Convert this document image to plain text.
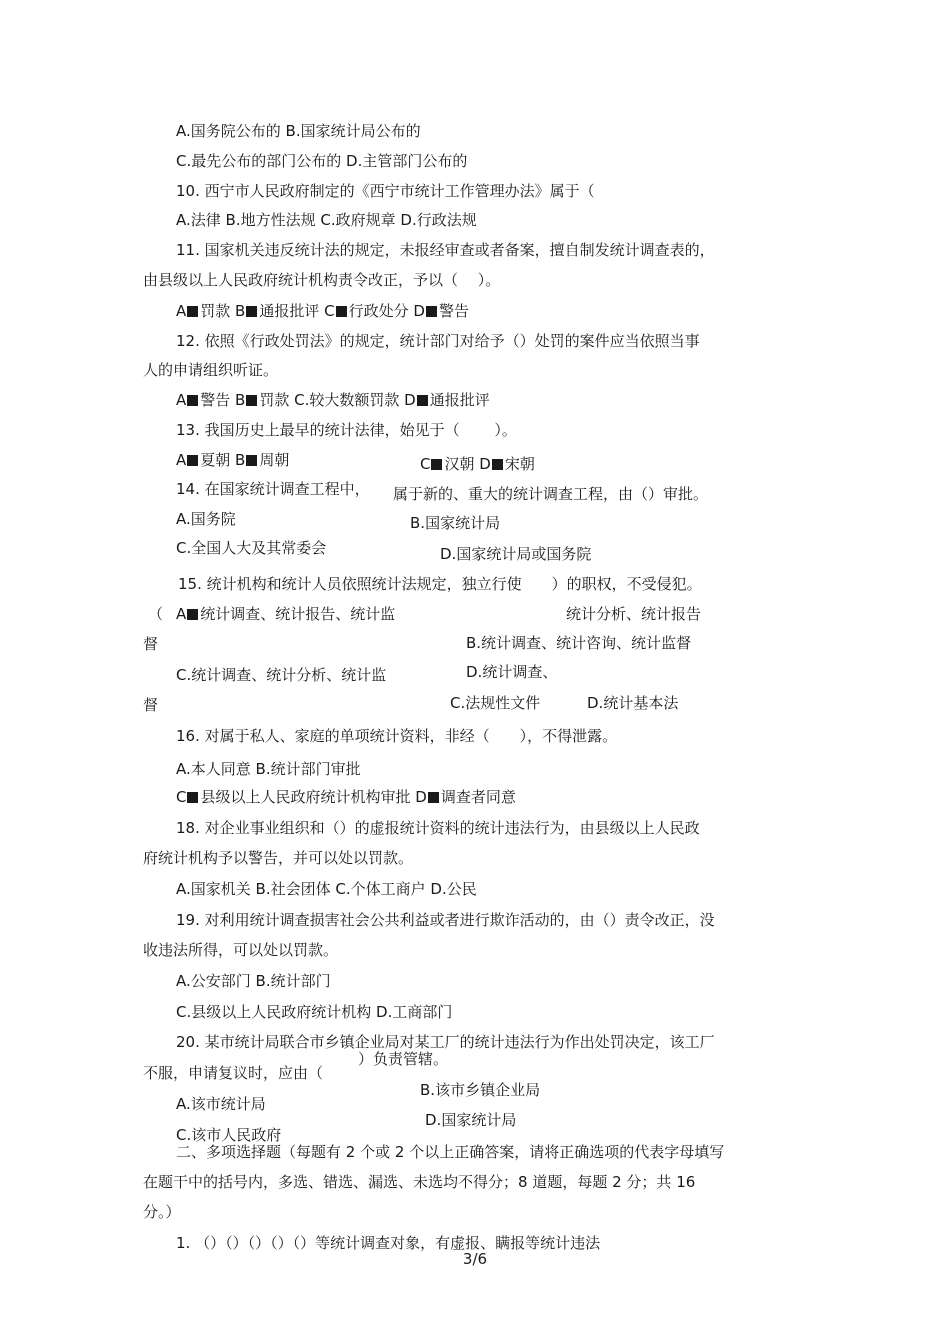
A.国务院公布的 B.国家统计局公布的
C.最先公布的部门公布的 D.主管部门公布的
10. 西宁市人民政府制定的《西宁市统计工作管理办法》属于（
A.法律 B.地方性法规 C.政府规章 D.行政法规
11. 国家机关违反统计法的规定，未报经审查或者备案，擅自制发统计调查表的，
由县级以上人民政府统计机构责令改正，予以（　 ）。
A 罚款 B 通报批评 C 行政处分 D 警告
12. 依照《行政处罚法》的规定，统计部门对给予（）处罚的案件应当依照当事
人的申请组织听证。
A 警告 B 罚款 C.较大数额罚款 D 通报批评
13. 我国历史上最早的统计法律，始见于（　　 ）。
A 夏朝 B 周朝	C 汉朝 D 宋朝
14. 在国家统计调查工程中， 属于新的、重大的统计调查工程，由（）审批。
A.国务院	B.国家统计局
C.全国人大及其常委会	D.国家统计局或国务院
15. 统计机构和统计人员依照统计法规定，独立行使　　）的职权，不受侵犯。
（ A 统计调查、统计报告、统计监	统计分析、统计报告
督	B.统计调查、统计咨询、统计监督
C.统计调查、统计分析、统计监	D.统计调查、
督	C.法规性文件	D.统计基本法
16. 对属于私人、家庭的单项统计资料，非经（　　），不得泄露。
A.本人同意 B.统计部门审批
C 县级以上人民政府统计机构审批 D 调查者同意
18. 对企业事业组织和（）的虚报统计资料的统计违法行为，由县级以上人民政
府统计机构予以警告，并可以处以罚款。
A.国家机关 B.社会团体 C.个体工商户 D.公民
19. 对利用统计调查损害社会公共利益或者进行欺诈活动的，由（）责令改正，没
收违法所得，可以处以罚款。
A.公安部门 B.统计部门
C.县级以上人民政府统计机构 D.工商部门
20. 某市统计局联合市乡镇企业局对某工厂的统计违法行为作出处罚决定，该工厂
）负责管辖。
不服，申请复议时，应由（
B.该市乡镇企业局
A.该市统计局
D.国家统计局
C.该市人民政府
二、多项选择题（每题有 2 个或 2 个以上正确答案，请将正确选项的代表字母填写
在题干中的括号内，多选、错选、漏选、未选均不得分；8 道题，每题 2 分；共 16
分。）
1. （）（）（）（）（）等统计调查对象，有虚报、瞒报等统计违法
3/6
